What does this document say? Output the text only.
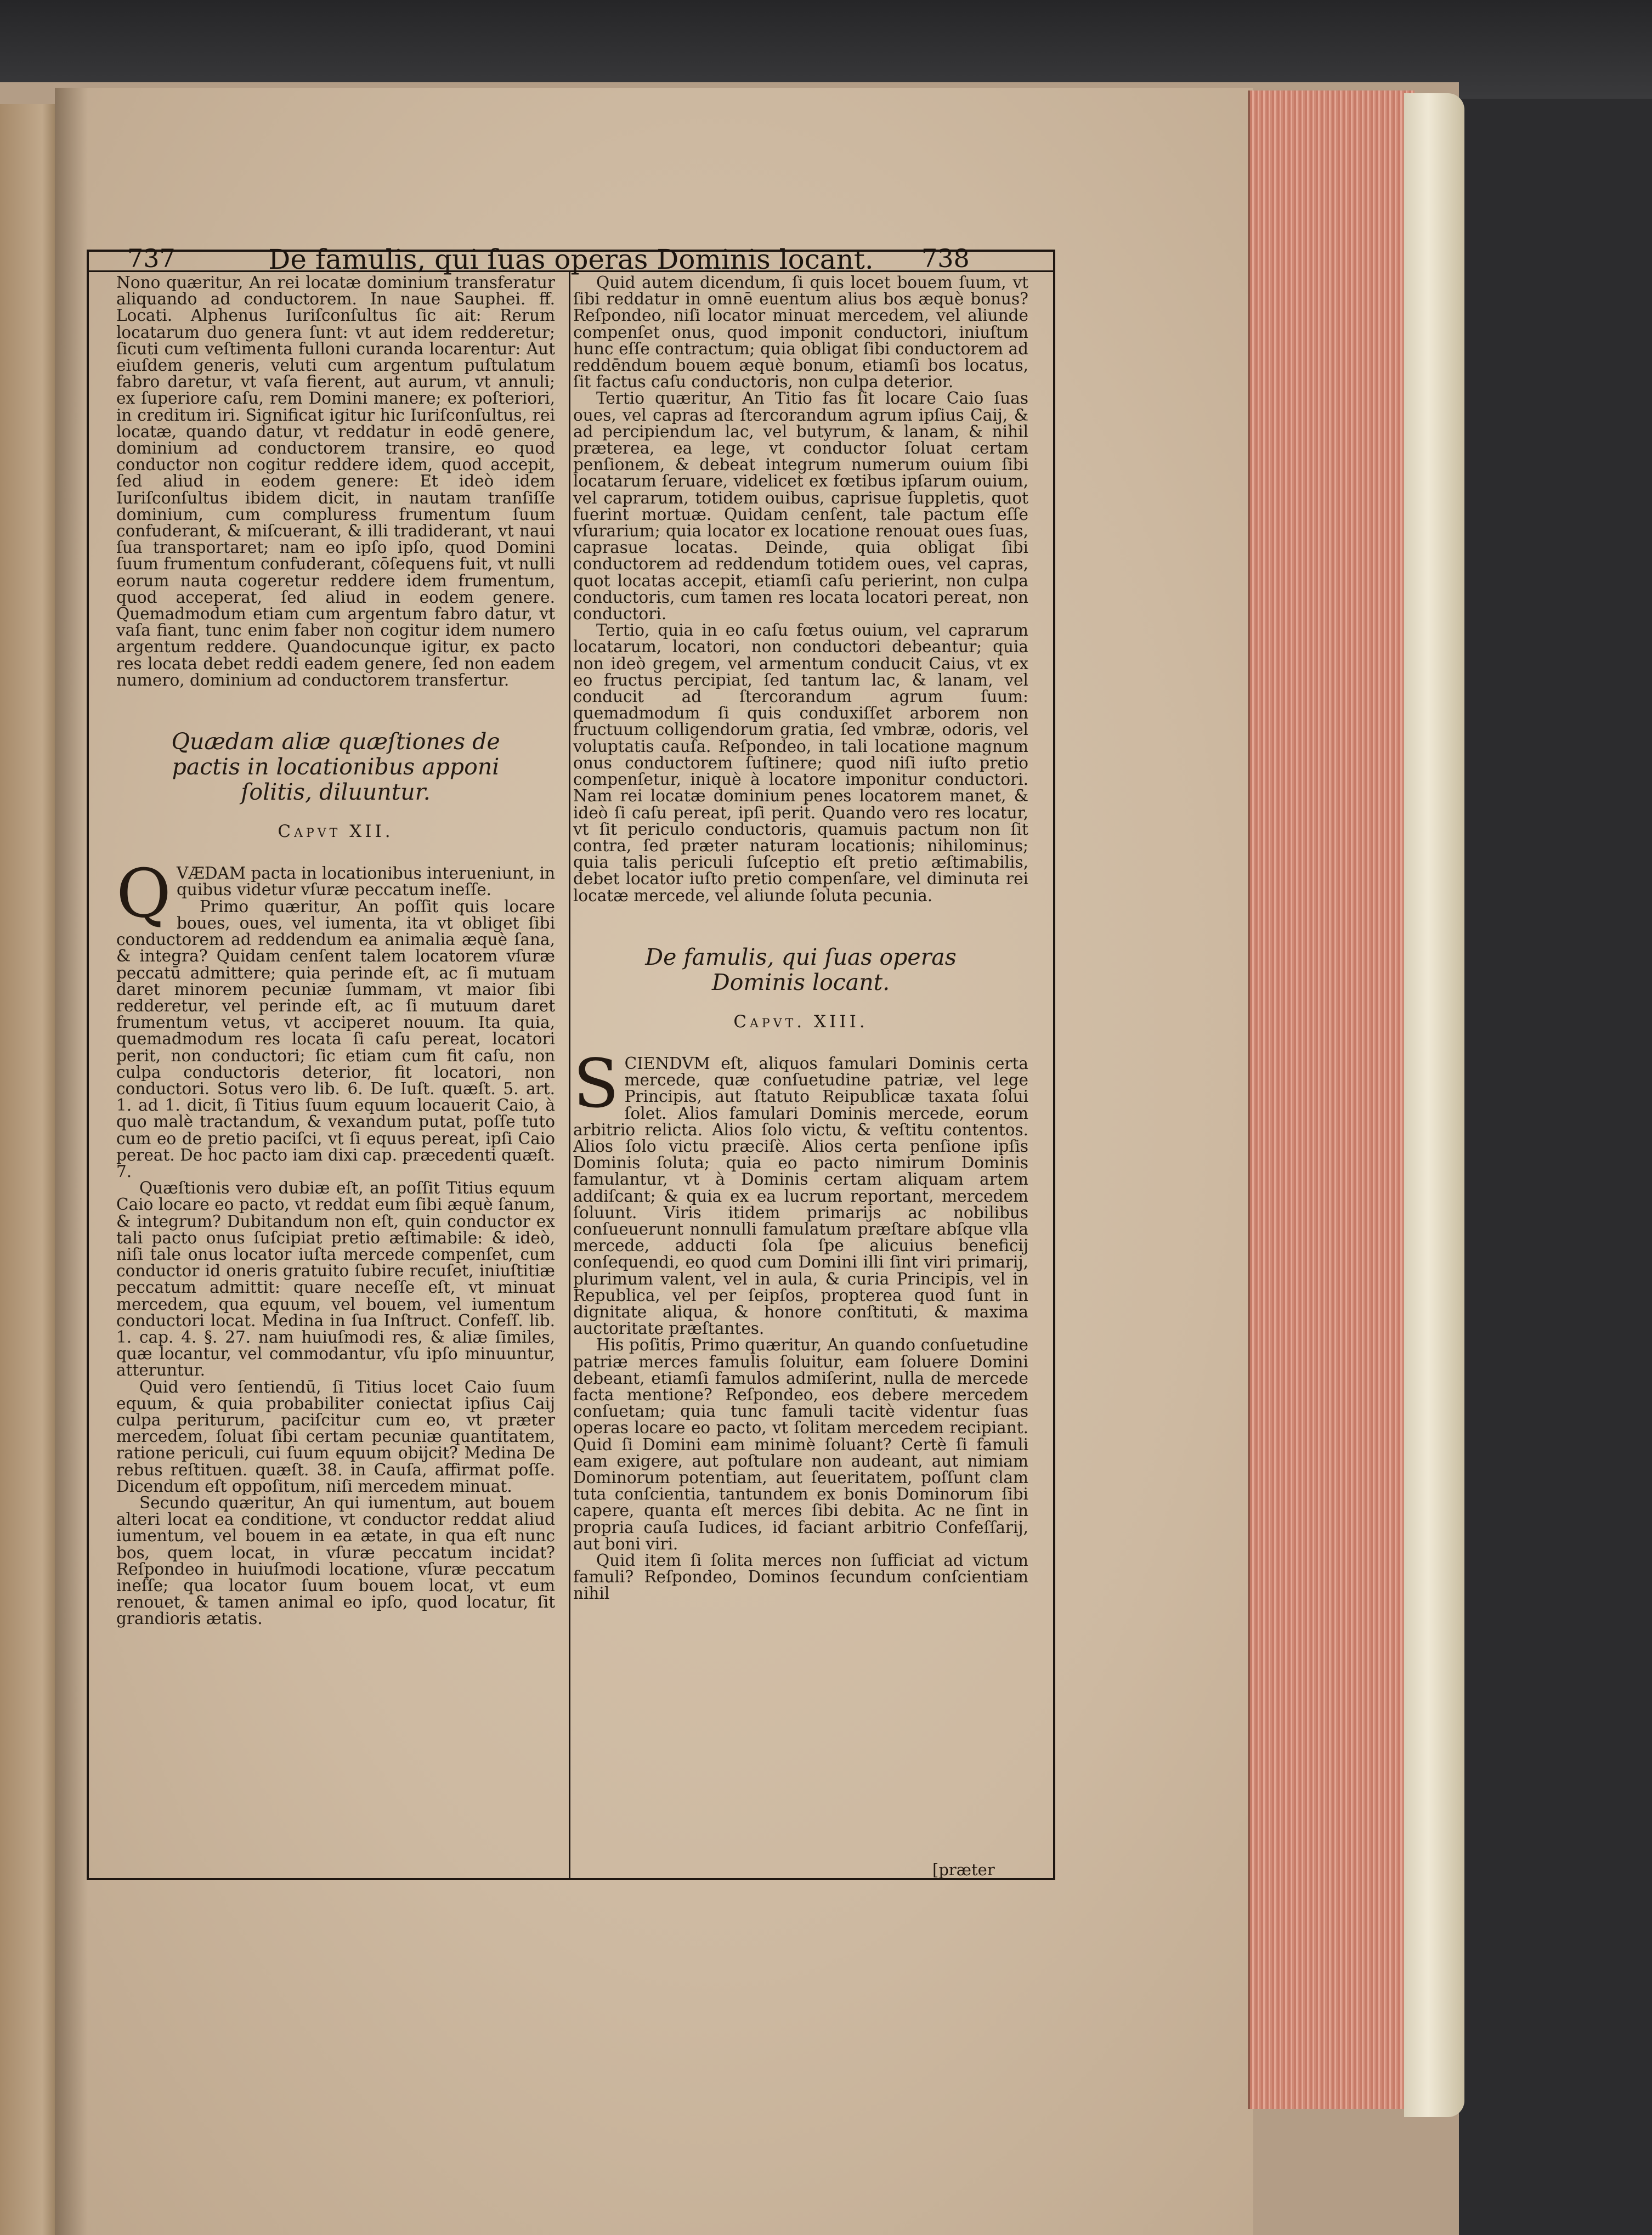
737	De famulis, qui ſuas operas Dominis locant.	738

Nono quæritur, An rei locatæ dominium transferatur aliquando ad conductorem. In naue Sauphei. ff. Locati. Alphenus Iuriſconſultus ſic ait: Rerum locatarum duo genera ſunt: vt aut idem redderetur; ſicuti cum veſtimenta fulloni curanda locarentur: Aut eiuſdem generis, veluti cum argentum puſtulatum fabro daretur, vt vaſa fierent, aut aurum, vt annuli; ex ſuperiore caſu, rem Domini manere; ex poſteriori, in creditum iri. Significat igitur hic Iuriſconſultus, rei locatæ, quando datur, vt reddatur in eodē genere, dominium ad conductorem transire, eo quod conductor non cogitur reddere idem, quod accepit, ſed aliud in eodem genere: Et ideò idem Iuriſconſultus ibidem dicit, in nautam tranſiſſe dominium, cum compluress frumentum ſuum confuderant, & miſcuerant, & illi tradiderant, vt naui ſua transportaret; nam eo ipſo ipſo, quod Domini ſuum frumentum confuderant, cōſequens fuit, vt nulli eorum nauta cogeretur reddere idem frumentum, quod acceperat, ſed aliud in eodem genere. Quemadmodum etiam cum argentum fabro datur, vt vaſa fiant, tunc enim faber non cogitur idem numero argentum reddere. Quandocunque igitur, ex pacto res locata debet reddi eadem genere, ſed non eadem numero, dominium ad conductorem transfertur.

Quædam aliæ quæſtiones de pactis in locationibus apponi ſolitis, diluuntur.
Capvt XII.
Q VÆDAM pacta in locationibus interueniunt, in quibus videtur vſuræ peccatum ineſſe.

Primo quæritur, An poſſit quis locare boues, oues, vel iumenta, ita vt obliget ſibi conductorem ad reddendum ea animalia æquè ſana, & integra? Quidam cenſent talem locatorem vſuræ peccatū admittere; quia perinde eſt, ac ſi mutuam daret minorem pecuniæ ſummam, vt maior ſibi redderetur, vel perinde eſt, ac ſi mutuum daret frumentum vetus, vt acciperet nouum. Ita quia, quemadmodum res locata ſi caſu pereat, locatori perit, non conductori; ſic etiam cum fit caſu, non culpa conductoris deterior, fit locatori, non conductori. Sotus vero lib. 6. De Iuſt. quæſt. 5. art. 1. ad 1. dicit, ſi Titius ſuum equum locauerit Caio, à quo malè tractandum, & vexandum putat, poſſe tuto cum eo de pretio paciſci, vt ſi equus pereat, ipſi Caio pereat. De hoc pacto iam dixi cap. præcedenti quæſt. 7.

Quæſtionis vero dubiæ eſt, an poſſit Titius equum Caio locare eo pacto, vt reddat eum ſibi æquè ſanum, & integrum? Dubitandum non eſt, quin conductor ex tali pacto onus ſuſcipiat pretio æſtimabile: & ideò, niſi tale onus locator iuſta mercede compenſet, cum conductor id oneris gratuito ſubire recuſet, iniuſtitiæ peccatum admittit: quare neceſſe eſt, vt minuat mercedem, qua equum, vel bouem, vel iumentum conductori locat. Medina in ſua Inſtruct. Confeſſ. lib. 1. cap. 4. §. 27. nam huiuſmodi res, & aliæ ſimiles, quæ locantur, vel commodantur, vſu ipſo minuuntur, atteruntur.

Quid vero ſentiendū, ſi Titius locet Caio ſuum equum, & quia probabiliter coniectat ipſius Caij culpa periturum, paciſcitur cum eo, vt præter mercedem, ſoluat ſibi certam pecuniæ quantitatem, ratione periculi, cui ſuum equum obijcit? Medina De rebus reſtituen. quæſt. 38. in Cauſa, affirmat poſſe. Dicendum eſt oppoſitum, niſi mercedem minuat.

Secundo quæritur, An qui iumentum, aut bouem alteri locat ea conditione, vt conductor reddat aliud iumentum, vel bouem in ea ætate, in qua eſt nunc bos, quem locat, in vſuræ peccatum incidat? Reſpondeo in huiuſmodi locatione, vſuræ peccatum ineſſe; qua locator ſuum bouem locat, vt eum renouet, & tamen animal eo ipſo, quod locatur, ſit grandioris ætatis.

Quid autem dicendum, ſi quis locet bouem ſuum, vt ſibi reddatur in omnē euentum alius bos æquè bonus? Reſpondeo, niſi locator minuat mercedem, vel aliunde compenſet onus, quod imponit conductori, iniuſtum hunc eſſe contractum; quia obligat ſibi conductorem ad reddēndum bouem æquè bonum, etiamſi bos locatus, ſit factus caſu conductoris, non culpa deterior.

Tertio quæritur, An Titio fas ſit locare Caio ſuas oues, vel capras ad ſtercorandum agrum ipſius Caij, & ad percipiendum lac, vel butyrum, & lanam, & nihil præterea, ea lege, vt conductor ſoluat certam penſionem, & debeat integrum numerum ouium ſibi locatarum ſeruare, videlicet ex fœtibus ipſarum ouium, vel caprarum, totidem ouibus, caprisue ſuppletis, quot fuerint mortuæ. Quidam cenſent, tale pactum eſſe vſurarium; quia locator ex locatione renouat oues ſuas, caprasue locatas. Deinde, quia obligat ſibi conductorem ad reddendum totidem oues, vel capras, quot locatas accepit, etiamſi caſu perierint, non culpa conductoris, cum tamen res locata locatori pereat, non conductori.

Tertio, quia in eo caſu fœtus ouium, vel caprarum locatarum, locatori, non conductori debeantur; quia non ideò gregem, vel armentum conducit Caius, vt ex eo fructus percipiat, ſed tantum lac, & lanam, vel conducit ad ſtercorandum agrum ſuum: quemadmodum ſi quis conduxiſſet arborem non fructuum colligendorum gratia, ſed vmbræ, odoris, vel voluptatis cauſa. Reſpondeo, in tali locatione magnum onus conductorem ſuſtinere; quod niſi iuſto pretio compenſetur, iniquè à locatore imponitur conductori. Nam rei locatæ dominium penes locatorem manet, & ideò ſi caſu pereat, ipſi perit. Quando vero res locatur, vt ſit periculo conductoris, quamuis pactum non ſit contra, ſed præter naturam locationis; nihilominus; quia talis periculi ſuſceptio eſt pretio æſtimabilis, debet locator iuſto pretio compenſare, vel diminuta rei locatæ mercede, vel aliunde ſoluta pecunia.

De famulis, qui ſuas operas Dominis locant.
Capvt. XIII.
S CIENDVM eſt, aliquos famulari Dominis certa mercede, quæ conſuetudine patriæ, vel lege Principis, aut ſtatuto Reipublicæ taxata ſolui ſolet. Alios famulari Dominis mercede, eorum arbitrio relicta. Alios ſolo victu, & veſtitu contentos. Alios ſolo victu præciſè. Alios certa penſione ipſis Dominis ſoluta; quia eo pacto nimirum Dominis famulantur, vt à Dominis certam aliquam artem addiſcant; & quia ex ea lucrum reportant, mercedem ſoluunt. Viris itidem primarijs ac nobilibus conſueuerunt nonnulli famulatum præſtare abſque vlla mercede, adducti ſola ſpe alicuius beneficij conſequendi, eo quod cum Domini illi ſint viri primarij, plurimum valent, vel in aula, & curia Principis, vel in Republica, vel per ſeipſos, propterea quod ſunt in dignitate aliqua, & honore conſtituti, & maxima auctoritate præſtantes.

His poſitis, Primo quæritur, An quando conſuetudine patriæ merces famulis ſoluitur, eam ſoluere Domini debeant, etiamſi famulos admiſerint, nulla de mercede facta mentione? Reſpondeo, eos debere mercedem conſuetam; quia tunc famuli tacitè videntur ſuas operas locare eo pacto, vt ſolitam mercedem recipiant. Quid ſi Domini eam minimè ſoluant? Certè ſi famuli eam exigere, aut poſtulare non audeant, aut nimiam Dominorum potentiam, aut ſeueritatem, poſſunt clam tuta conſcientia, tantundem ex bonis Dominorum ſibi capere, quanta eſt merces ſibi debita. Ac ne ſint in propria cauſa Iudices, id faciant arbitrio Confeſſarij, aut boni viri.

Quid item ſi ſolita merces non ſufficiat ad victum famuli? Reſpondeo, Dominos ſecundum conſcientiam nihil

[præter
